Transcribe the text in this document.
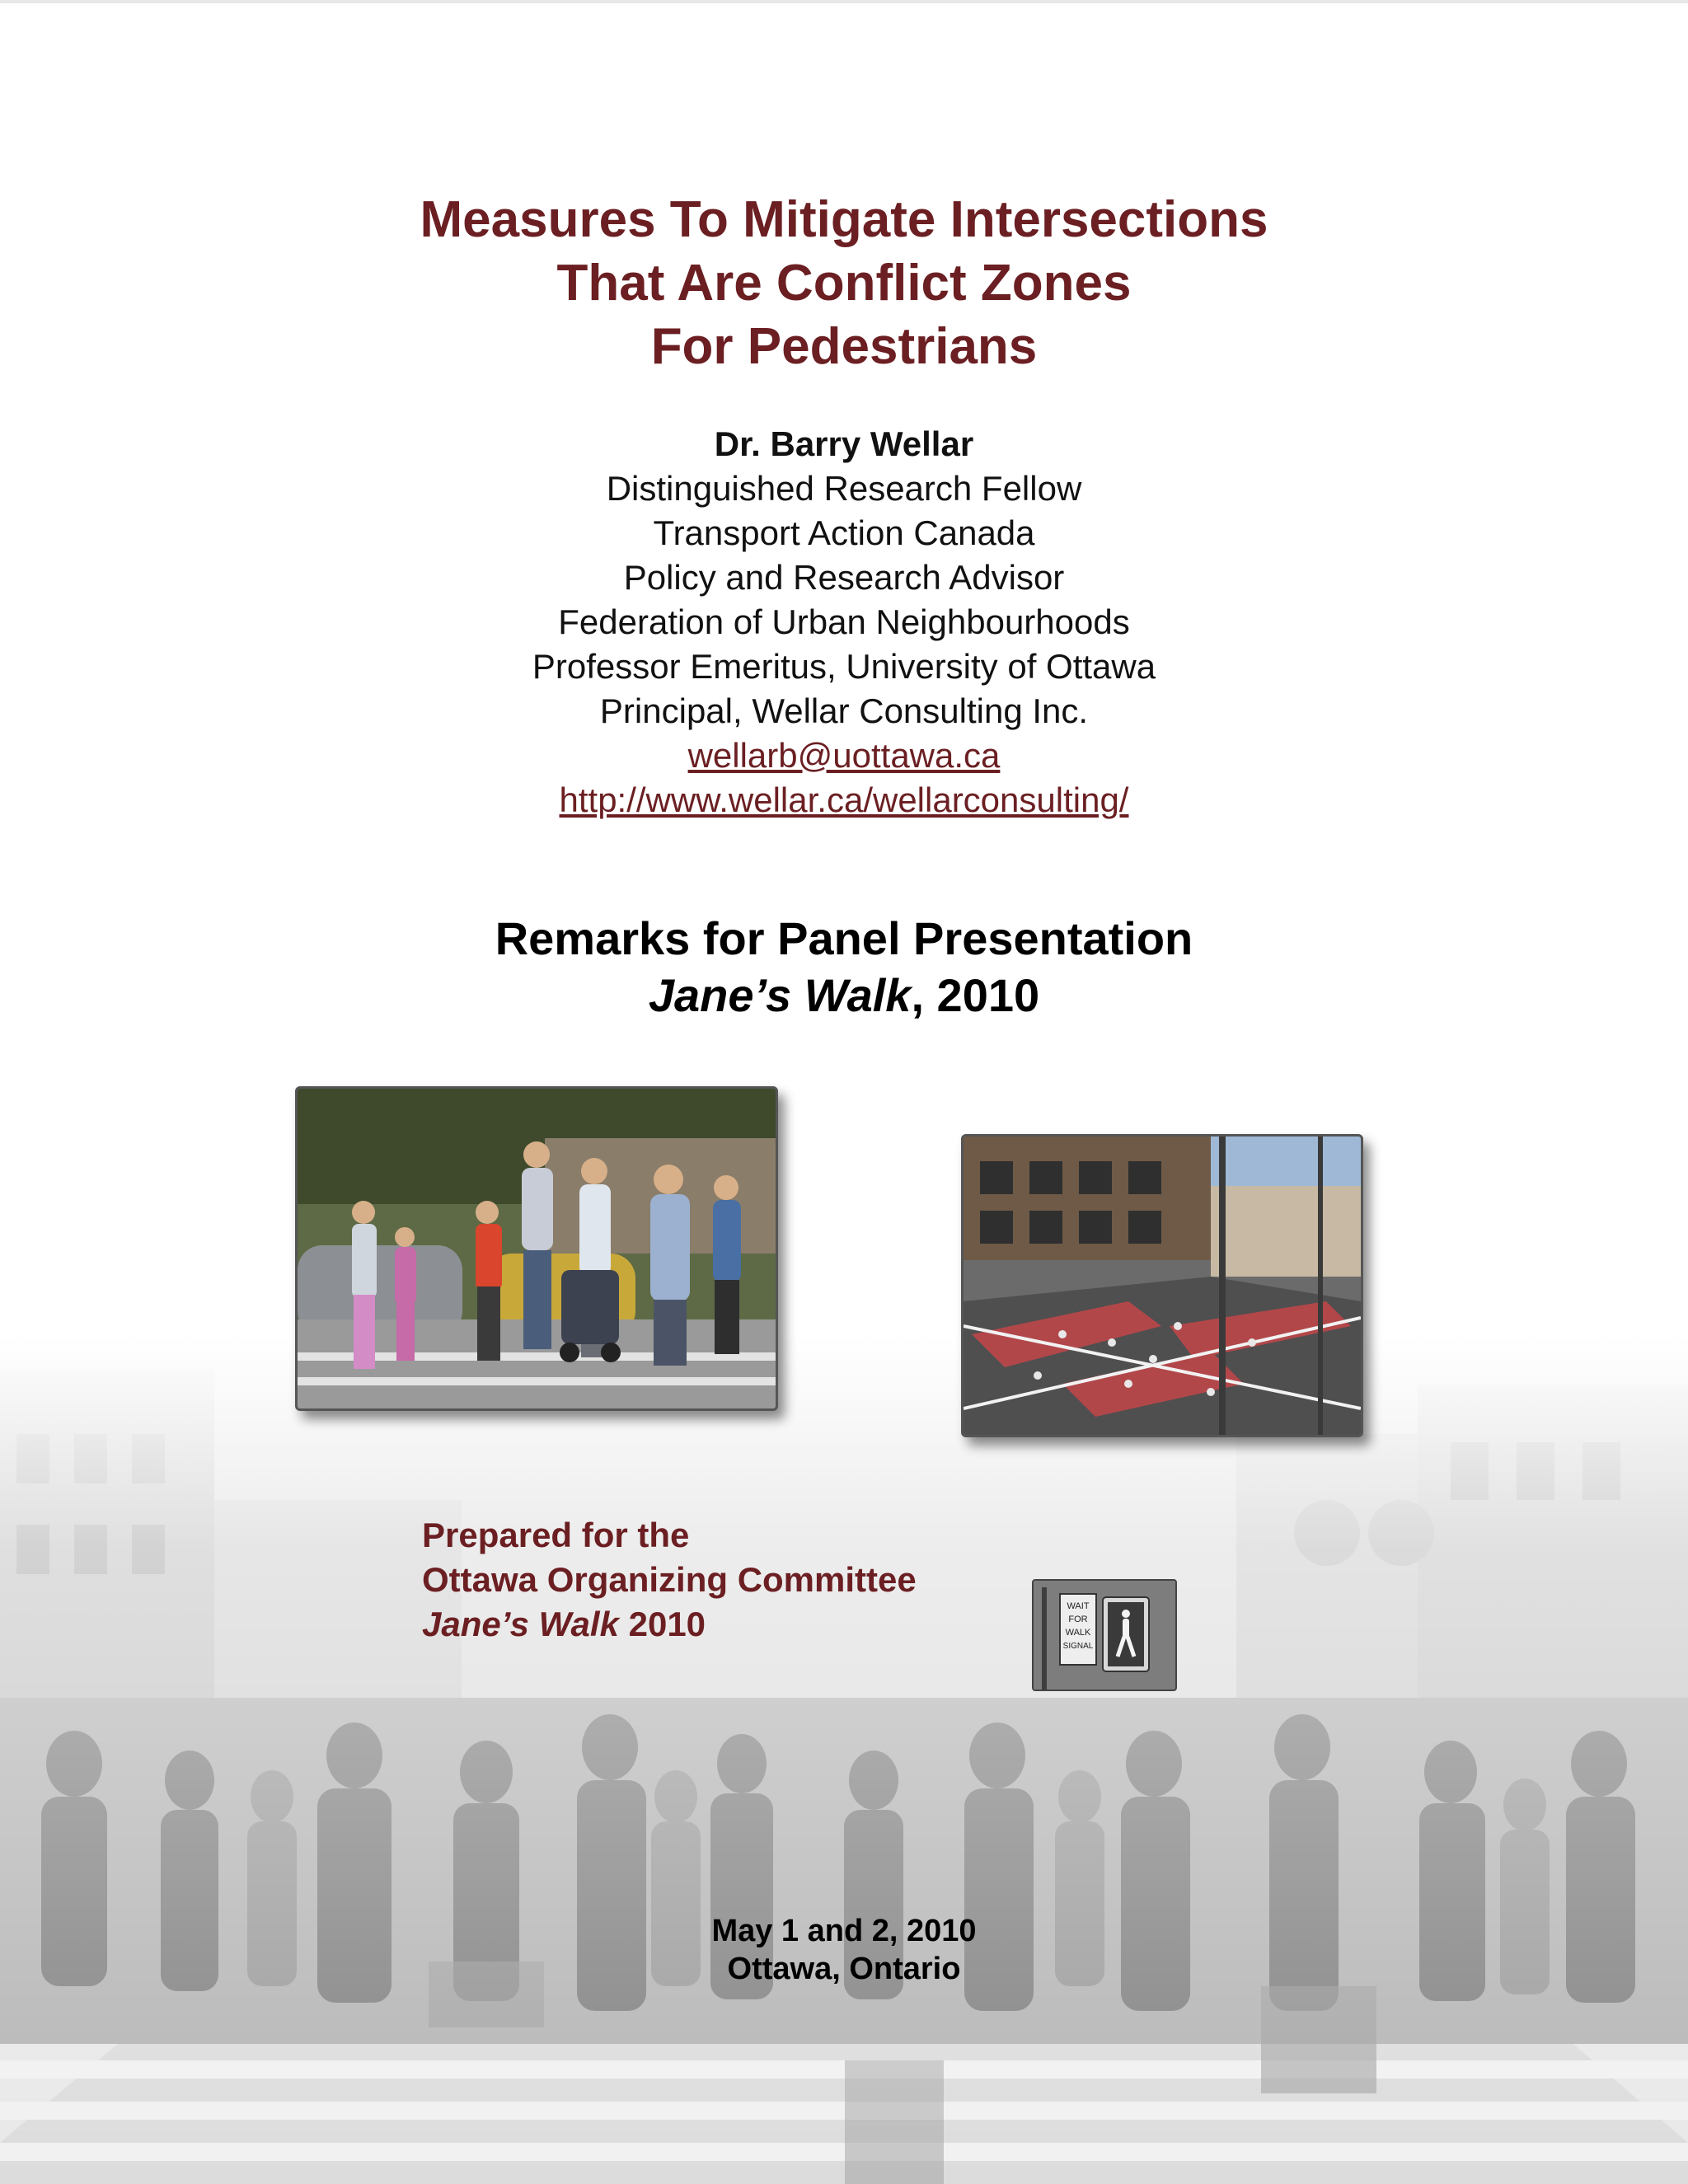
Measures To Mitigate Intersections
That Are Conflict Zones
For Pedestrians
Dr. Barry Wellar
Distinguished Research Fellow
Transport Action Canada
Policy and Research Advisor
Federation of Urban Neighbourhoods
Professor Emeritus, University of Ottawa
Principal, Wellar Consulting Inc.
wellarb@uottawa.ca
http://www.wellar.ca/wellarconsulting/
Remarks for Panel Presentation
Jane’s Walk, 2010
Prepared for the
Ottawa Organizing Committee
Jane’s Walk 2010	WAIT
FOR
WALK
SIGNAL
May 1 and 2, 2010
Ottawa, Ontario
